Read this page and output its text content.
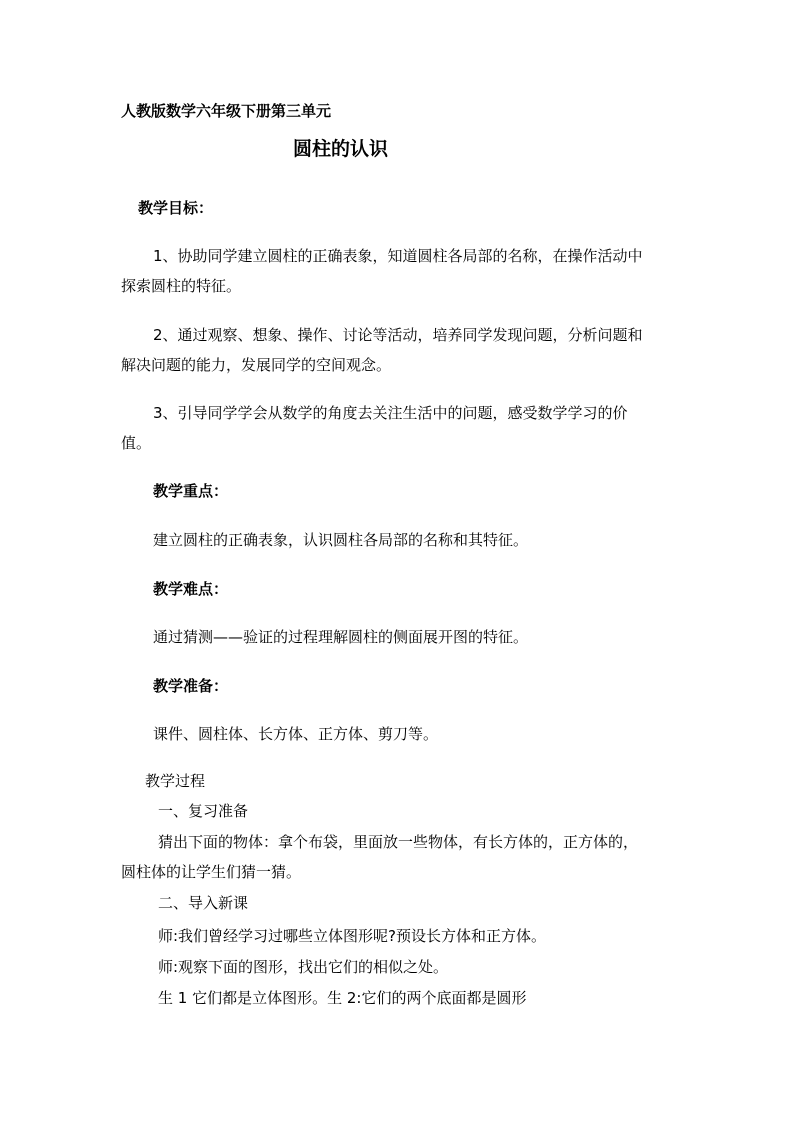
人教版数学六年级下册第三单元

圆柱的认识

教学目标：

1、协助同学建立圆柱的正确表象，知道圆柱各局部的名称，在操作活动中

探索圆柱的特征。

2、通过观察、想象、操作、讨论等活动，培养同学发现问题，分析问题和

解决问题的能力，发展同学的空间观念。

3、引导同学学会从数学的角度去关注生活中的问题，感受数学学习的价

值。

教学重点：

建立圆柱的正确表象，认识圆柱各局部的名称和其特征。

教学难点：

通过猜测——验证的过程理解圆柱的侧面展开图的特征。

教学准备：

课件、圆柱体、长方体、正方体、剪刀等。

教学过程

一、复习准备

猜出下面的物体：拿个布袋，里面放一些物体，有长方体的，正方体的，

圆柱体的让学生们猜一猜。

二、导入新课

师:我们曾经学习过哪些立体图形呢?预设长方体和正方体。

师:观察下面的图形，找出它们的相似之处。

生 1 它们都是立体图形。生 2:它们的两个底面都是圆形
